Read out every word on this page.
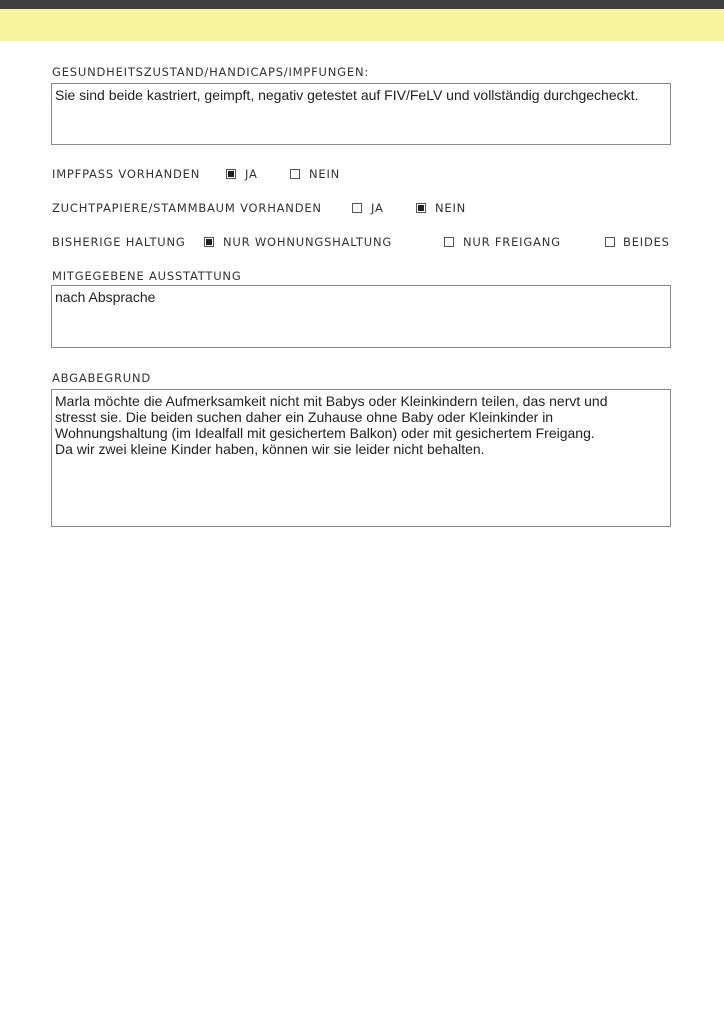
GESUNDHEITSZUSTAND/HANDICAPS/IMPFUNGEN:
Sie sind beide kastriert, geimpft, negativ getestet auf FIV/FeLV und vollständig durchgecheckt.
IMPFPASS VORHANDEN	JA	NEIN
ZUCHTPAPIERE/STAMMBAUM VORHANDEN	JA	NEIN
BISHERIGE HALTUNG	NUR WOHNUNGSHALTUNG	NUR FREIGANG	BEIDES
MITGEGEBENE AUSSTATTUNG
nach Absprache
ABGABEGRUND
Marla möchte die Aufmerksamkeit nicht mit Babys oder Kleinkindern teilen, das nervt und
stresst sie. Die beiden suchen daher ein Zuhause ohne Baby oder Kleinkinder in
Wohnungshaltung (im Idealfall mit gesichertem Balkon) oder mit gesichertem Freigang.
Da wir zwei kleine Kinder haben, können wir sie leider nicht behalten.
